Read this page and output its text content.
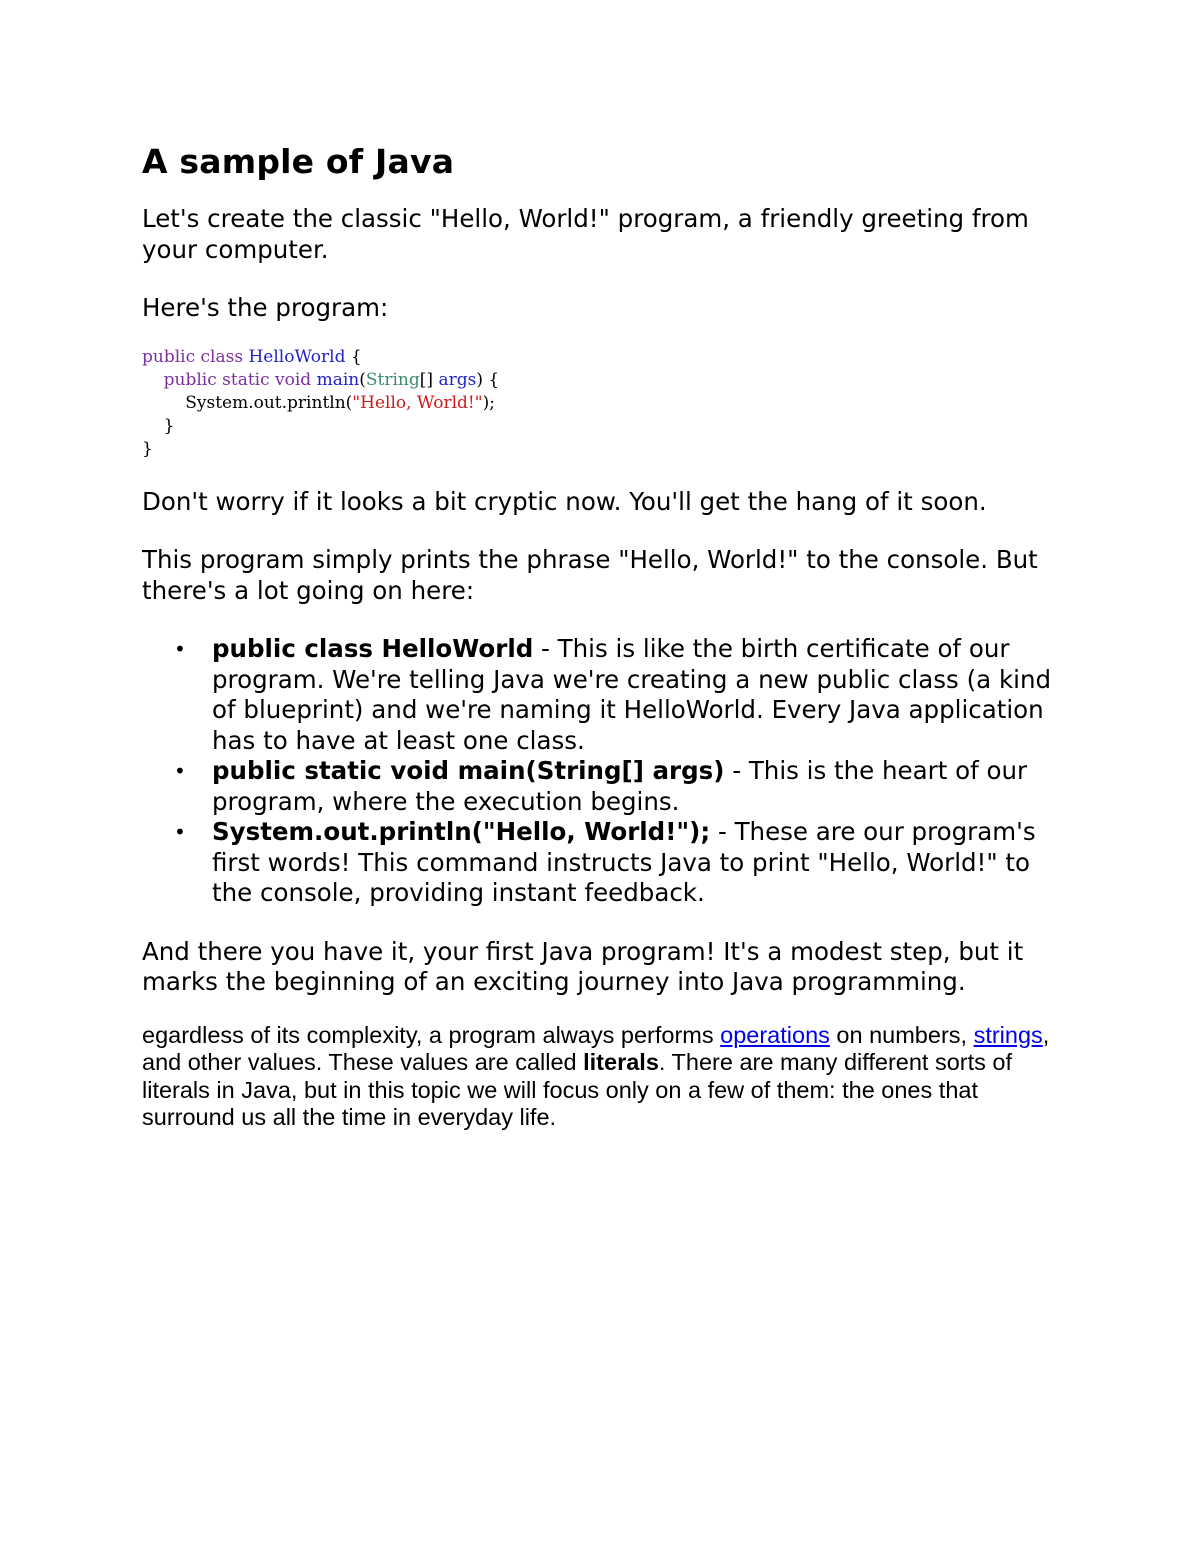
A sample of Java

Let's create the classic "Hello, World!" program, a friendly greeting from your computer.

Here's the program:

public class HelloWorld {
public static void main(String[] args) {
System.out.println("Hello, World!");
}
}

Don't worry if it looks a bit cryptic now. You'll get the hang of it soon.

This program simply prints the phrase "Hello, World!" to the console. But there's a lot going on here:

• public class HelloWorld - This is like the birth certificate of our program. We're telling Java we're creating a new public class (a kind of blueprint) and we're naming it HelloWorld. Every Java application has to have at least one class.
• public static void main(String[] args) - This is the heart of our program, where the execution begins.
• System.out.println("Hello, World!"); - These are our program's first words! This command instructs Java to print "Hello, World!" to the console, providing instant feedback.

And there you have it, your first Java program! It's a modest step, but it marks the beginning of an exciting journey into Java programming.

egardless of its complexity, a program always performs operations on numbers, strings, and other values. These values are called literals. There are many different sorts of literals in Java, but in this topic we will focus only on a few of them: the ones that surround us all the time in everyday life.
